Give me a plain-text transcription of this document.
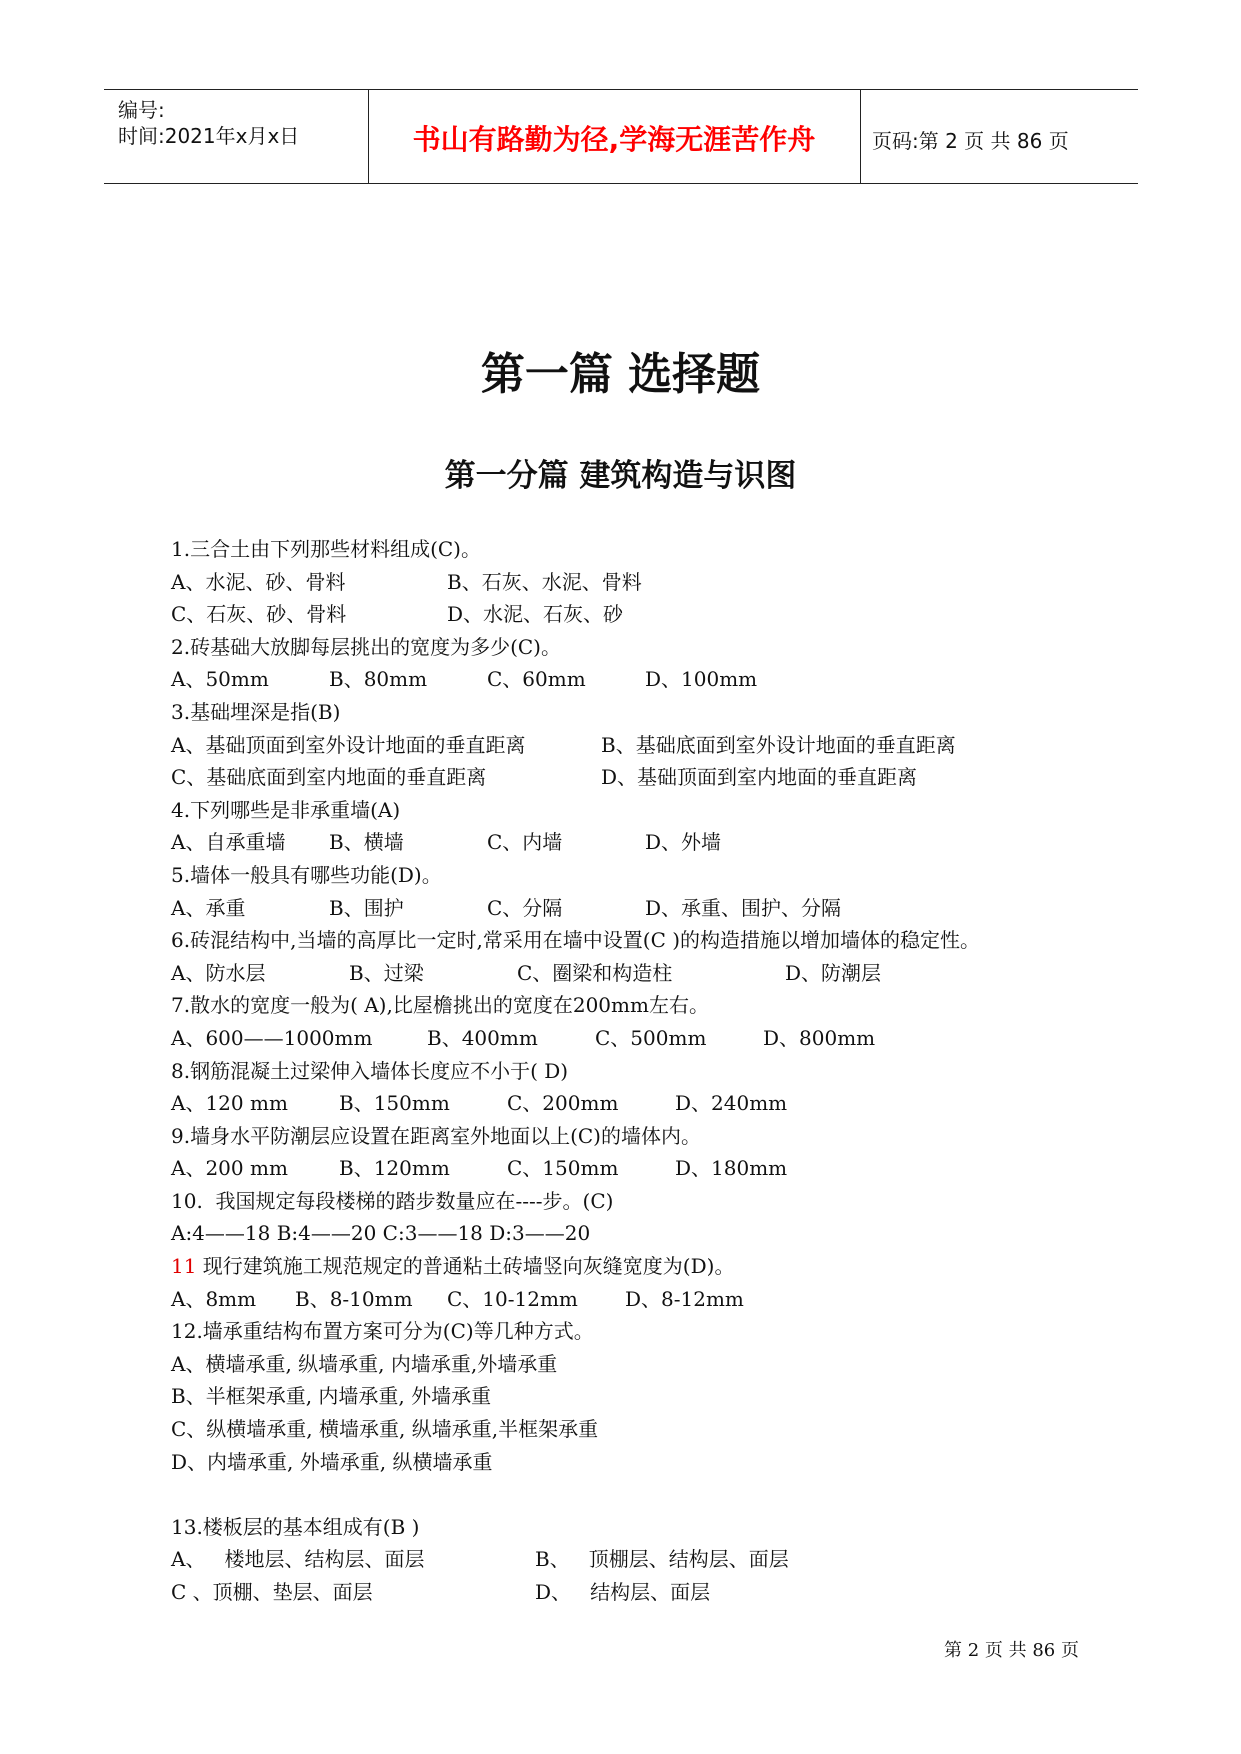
编号:
时间:2021年x月x日	书山有路勤为径,学海无涯苦作舟	页码:第 2 页 共 86 页
第一篇 选择题
第一分篇 建筑构造与识图
1.三合土由下列那些材料组成(C)。
A、水泥、砂、骨料	B、石灰、水泥、骨料
C、石灰、砂、骨料	D、水泥、石灰、砂
2.砖基础大放脚每层挑出的宽度为多少(C)。
A、50mm	B、80mm	C、60mm	D、100mm
3.基础埋深是指(B)
A、基础顶面到室外设计地面的垂直距离	B、基础底面到室外设计地面的垂直距离
C、基础底面到室内地面的垂直距离	D、基础顶面到室内地面的垂直距离
4.下列哪些是非承重墙(A)
A、自承重墙	B、横墙	C、内墙	D、外墙
5.墙体一般具有哪些功能(D)。
A、承重	B、围护	C、分隔	D、承重、围护、分隔
6.砖混结构中,当墙的高厚比一定时,常采用在墙中设置(C )的构造措施以增加墙体的稳定性。
A、防水层	B、过梁	C、圈梁和构造柱	D、防潮层
7.散水的宽度一般为( A),比屋檐挑出的宽度在200mm左右。
A、600——1000mm	B、400mm	C、500mm	D、800mm
8.钢筋混凝土过梁伸入墙体长度应不小于( D)
A、120 mm	B、150mm	C、200mm	D、240mm
9.墙身水平防潮层应设置在距离室外地面以上(C)的墙体内。
A、200 mm	B、120mm	C、150mm	D、180mm
10.  我国规定每段楼梯的踏步数量应在----步。(C)
A:4——18 B:4——20 C:3——18 D:3——20
11 现行建筑施工规范规定的普通粘土砖墙竖向灰缝宽度为(D)。
A、8mm	B、8-10mm	C、10-12mm	D、8-12mm
12.墙承重结构布置方案可分为(C)等几种方式。
A、横墙承重, 纵墙承重, 内墙承重,外墙承重
B、半框架承重, 内墙承重, 外墙承重
C、纵横墙承重, 横墙承重, 纵墙承重,半框架承重
D、内墙承重, 外墙承重, 纵横墙承重
13.楼板层的基本组成有(B )
A、   楼地层、结构层、面层	B、   顶棚层、结构层、面层
C 、顶棚、垫层、面层	D、   结构层、面层
第 2 页 共 86 页
